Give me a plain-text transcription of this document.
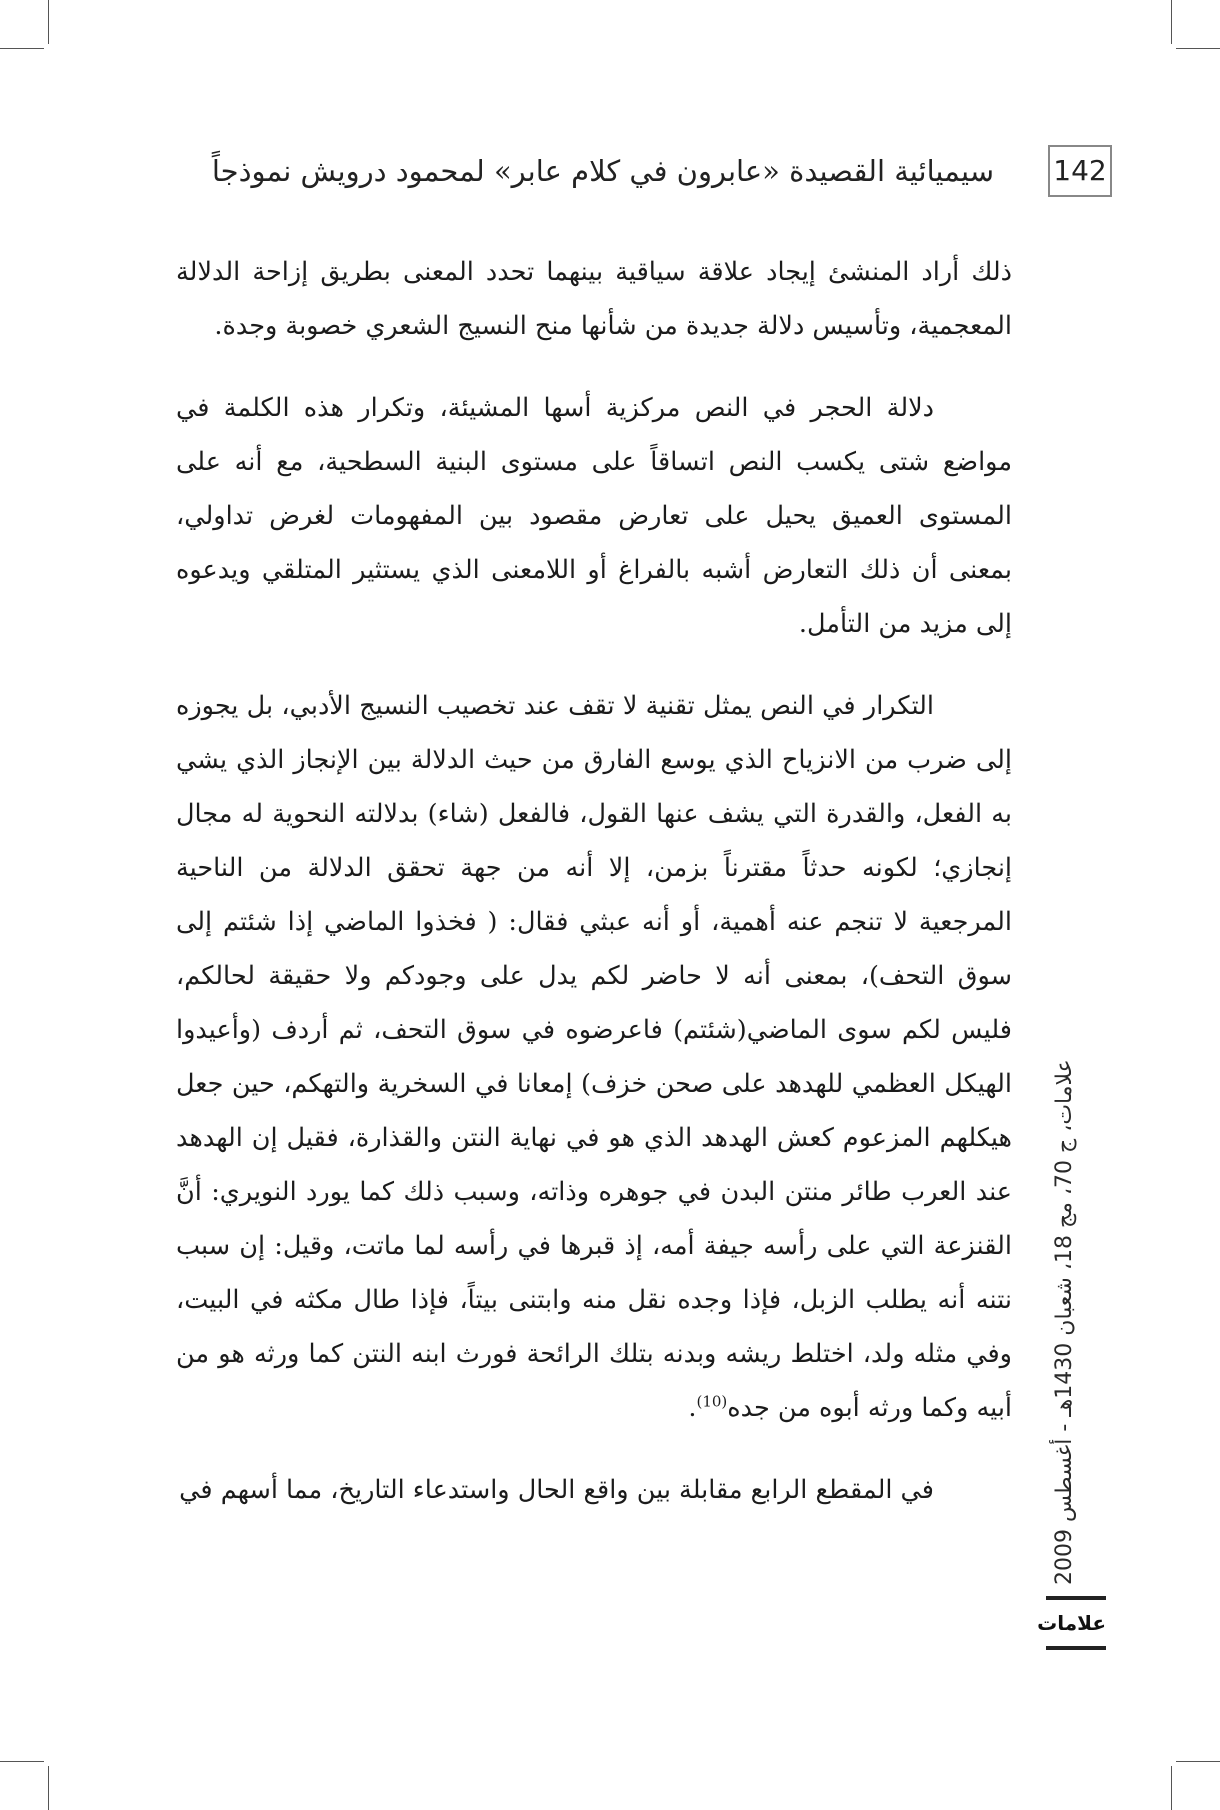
سيميائية القصيدة «عابرون في كلام عابر» لمحمود درويش نموذجاً 142

ذلك أراد المنشئ إيجاد علاقة سياقية بينهما تحدد المعنى بطريق إزاحة الدلالة المعجمية، وتأسيس دلالة جديدة من شأنها منح النسيج الشعري خصوبة وجدة.

دلالة الحجر في النص مركزية أسها المشيئة، وتكرار هذه الكلمة في مواضع شتى يكسب النص اتساقاً على مستوى البنية السطحية، مع أنه على المستوى العميق يحيل على تعارض مقصود بين المفهومات لغرض تداولي، بمعنى أن ذلك التعارض أشبه بالفراغ أو اللامعنى الذي يستثير المتلقي ويدعوه إلى مزيد من التأمل.

التكرار في النص يمثل تقنية لا تقف عند تخصيب النسيج الأدبي، بل يجوزه إلى ضرب من الانزياح الذي يوسع الفارق من حيث الدلالة بين الإنجاز الذي يشي به الفعل، والقدرة التي يشف عنها القول، فالفعل (شاء) بدلالته النحوية له مجال إنجازي؛ لكونه حدثاً مقترناً بزمن، إلا أنه من جهة تحقق الدلالة من الناحية المرجعية لا تنجم عنه أهمية، أو أنه عبثي فقال: ( فخذوا الماضي إذا شئتم إلى سوق التحف)، بمعنى أنه لا حاضر لكم يدل على وجودكم ولا حقيقة لحالكم، فليس لكم سوى الماضي(شئتم) فاعرضوه في سوق التحف، ثم أردف (وأعيدوا الهيكل العظمي للهدهد على صحن خزف) إمعانا في السخرية والتهكم، حين جعل هيكلهم المزعوم كعش الهدهد الذي هو في نهاية النتن والقذارة، فقيل إن الهدهد عند العرب طائر منتن البدن في جوهره وذاته، وسبب ذلك كما يورد النويري: أنَّ القنزعة التي على رأسه جيفة أمه، إذ قبرها في رأسه لما ماتت، وقيل: إن سبب نتنه أنه يطلب الزبل، فإذا وجده نقل منه وابتنى بيتاً، فإذا طال مكثه في البيت، وفي مثله ولد، اختلط ريشه وبدنه بتلك الرائحة فورث ابنه النتن كما ورثه هو من أبيه وكما ورثه أبوه من جده$^{(10)}$.

في المقطع الرابع مقابلة بين واقع الحال واستدعاء التاريخ، مما أسهم في

علامات، ج 70، مج 18، شعبان 1430هـ - أغسطس 2009
علامات
